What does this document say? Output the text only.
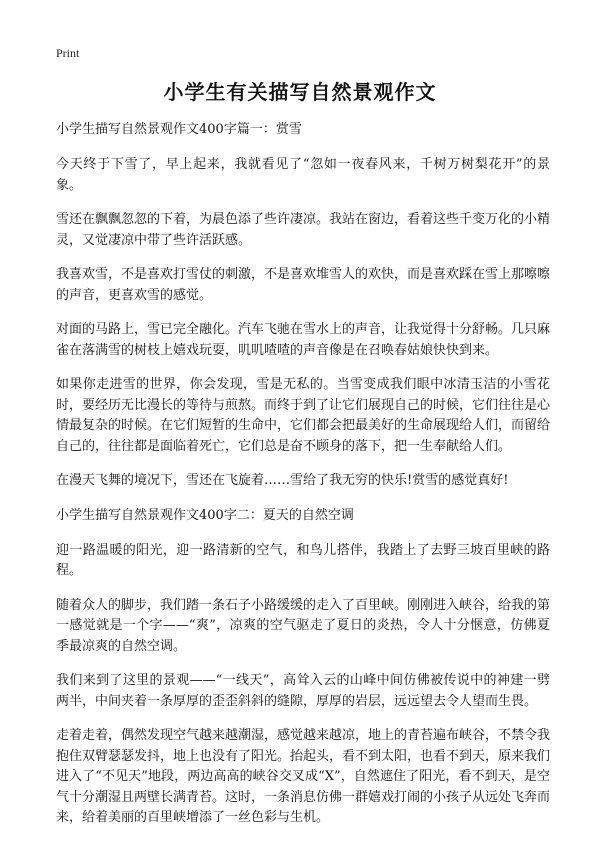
Print
小学生有关描写自然景观作文
小学生描写自然景观作文400字篇一：赏雪

今天终于下雪了，早上起来，我就看见了“忽如一夜春风来，千树万树梨花开”的景象。

雪还在飘飘忽忽的下着，为晨色添了些许凄凉。我站在窗边，看着这些千变万化的小精灵，又觉凄凉中带了些许活跃感。

我喜欢雪，不是喜欢打雪仗的刺激，不是喜欢堆雪人的欢快，而是喜欢踩在雪上那嚓嚓的声音，更喜欢雪的感觉。

对面的马路上，雪已完全融化。汽车飞驰在雪水上的声音，让我觉得十分舒畅。几只麻雀在落满雪的树枝上嬉戏玩耍，叽叽喳喳的声音像是在召唤春姑娘快快到来。

如果你走进雪的世界，你会发现，雪是无私的。当雪变成我们眼中冰清玉洁的小雪花时，要经历无比漫长的等待与煎熬。而终于到了让它们展现自己的时候，它们往往是心情最复杂的时候。在它们短暂的生命中，它们都会把最美好的生命展现给人们，而留给自己的，往往都是面临着死亡，它们总是奋不顾身的落下，把一生奉献给人们。

在漫天飞舞的境况下，雪还在飞旋着……雪给了我无穷的快乐!赏雪的感觉真好!

小学生描写自然景观作文400字二：夏天的自然空调

迎一路温暖的阳光，迎一路清新的空气，和鸟儿搭伴，我踏上了去野三坡百里峡的路程。

随着众人的脚步，我们踏一条石子小路缓缓的走入了百里峡。刚刚进入峡谷，给我的第一感觉就是一个字——“爽”，凉爽的空气驱走了夏日的炎热，令人十分惬意，仿佛夏季最凉爽的自然空调。

我们来到了这里的景观——“一线天”，高耸入云的山峰中间仿佛被传说中的神建一劈两半，中间夹着一条厚厚的歪歪斜斜的缝隙，厚厚的岩层，远远望去令人望而生畏。

走着走着，偶然发现空气越来越潮湿，感觉越来越凉，地上的青苔遍布峡谷，不禁令我抱住双臂瑟瑟发抖，地上也没有了阳光。抬起头，看不到太阳，也看不到天，原来我们进入了“不见天”地段，两边高高的峡谷交叉成“X”，自然遮住了阳光，看不到天，是空气十分潮湿且两壁长满青苔。这时，一条消息仿佛一群嬉戏打闹的小孩子从远处飞奔而来，给着美丽的百里峡增添了一丝色彩与生机。
